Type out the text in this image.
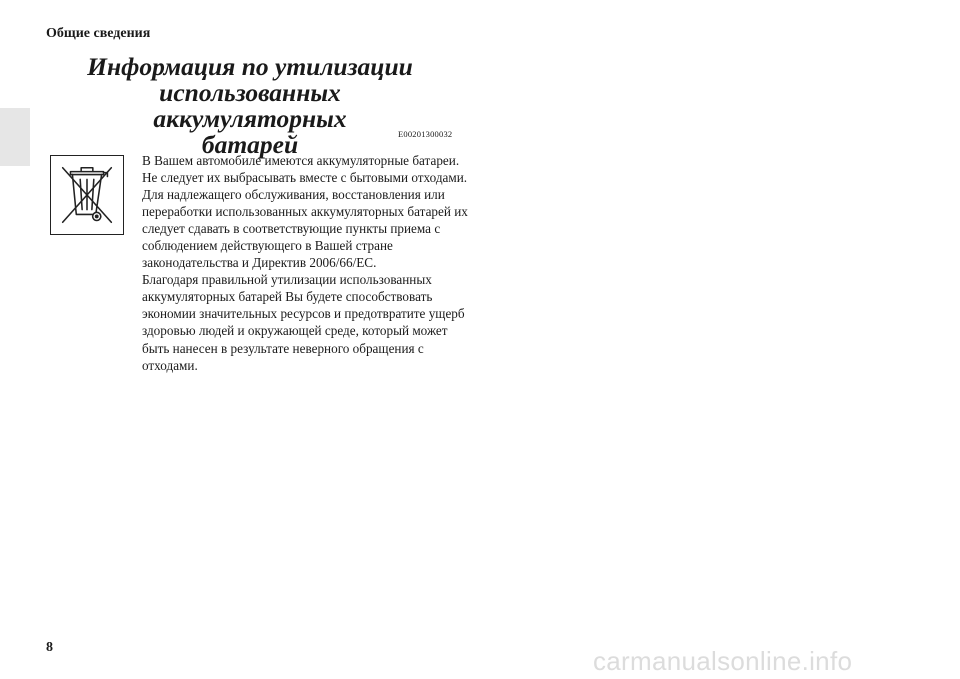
Общие сведения
Информация по утилизации
использованных аккумуляторных
батарей	E00201300032

В Вашем автомобиле имеются аккумуляторные батареи.

Не следует их выбрасывать вместе с бытовыми отходами.

Для надлежащего обслуживания, восстановления или переработки использованных аккумуляторных батарей их следует сдавать в соответствующие пункты приема с соблюдением действующего в Вашей стране законодательства и Директив 2006/66/EC.

Благодаря правильной утилизации использованных аккумуляторных батарей Вы будете способствовать экономии значительных ресурсов и предотвратите ущерб здоровью людей и окружающей среде, который может быть нанесен в результате неверного обращения с отходами.

8	carmanualsonline.info
